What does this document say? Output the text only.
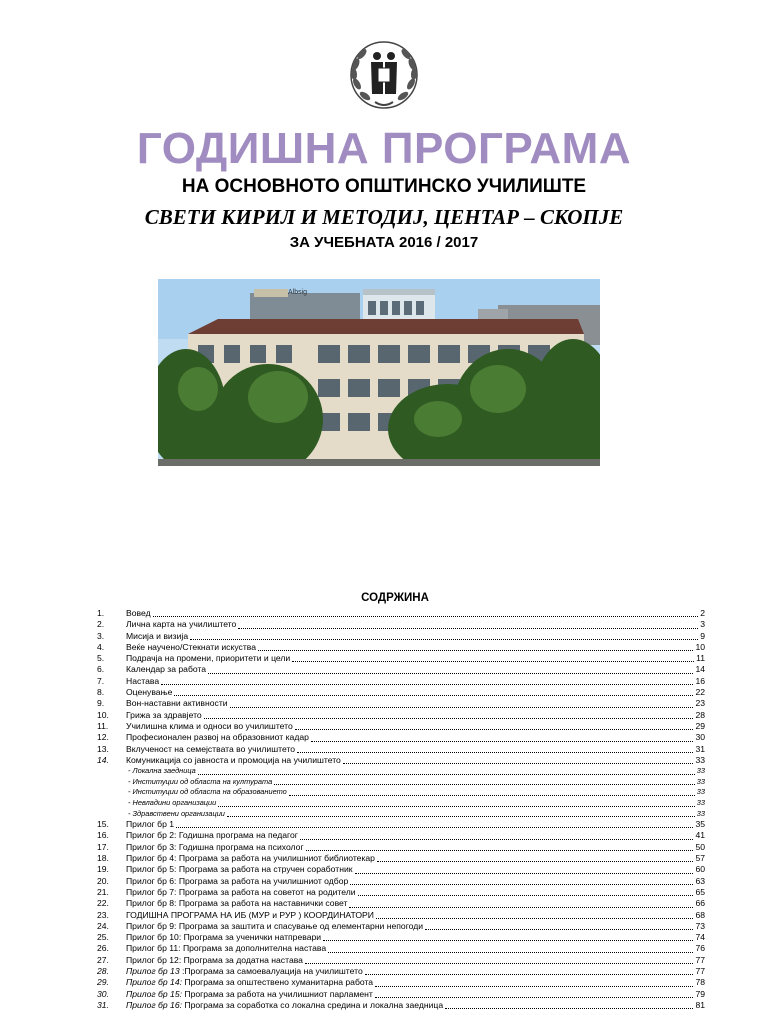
ГОДИШНА ПРОГРАМА
НА ОСНОВНОТО ОПШТИНСКО УЧИЛИШТЕ
СВЕТИ КИРИЛ И МЕТОДИЈ, ЦЕНТАР – СКОПЈЕ
ЗА УЧЕБНАТА 2016 / 2017
Albsig
СОДРЖИНА
1.	Вовед	2
2.	Лична карта на училиштето	3
3.	Мисија и визија	9
4.	Веќе научено/Стекнати искуства	10
5.	Подрачја на промени, приоритети и цели	11
6.	Календар за работа	14
7.	Настава	16
8.	Оценување	22
9.	Вон-наставни активности	23
10.	Грижа за здравјето	28
11.	Училишна клима и односи во училиштето	29
12.	Професионален развој на образовниот кадар	30
13.	Вклученост на семејствата во училиштето	31
14.	Комуникација со јавноста и промоција на училиштето	33
- Локална заедница	33
- Институции од областа на културата	33
- Институции од областа на образованието	33
- Невладини организации	33
- Здравствени организации	33
15.	Прилог бр 1	35
16.	Прилог бр 2: Годишна програма на педагог	41
17.	Прилог бр 3: Годишна програма на психолог	50
18.	Прилог бр 4: Програма за работа на училишниот библиотекар	57
19.	Прилог бр 5: Програма за работа на стручен соработник	60
20.	Прилог бр 6: Програма за работа на училишниот одбор	63
21.	Прилог бр 7: Програма за работа на советот на родители	65
22.	Прилог бр 8: Програма за работа на наставнички совет	66
23.	ГОДИШНА ПРОГРАМА НА ИБ (МУР и РУР ) КООРДИНАТОРИ	68
24.	Прилог бр 9: Програма за заштита и спасување од елементарни непогоди	73
25.	Прилог бр 10: Програма за ученички натпревари	74
26.	Прилог бр 11: Програма за дополнителна настава	76
27.	Прилог бр 12: Програма за додатна настава	77
28.	Прилог бр 13 :Програма за самоевалуација на училиштето	77
29.	Прилог бр 14: Програма за општествено хуманитарна работа	78
30.	Прилог бр 15: Програма за работа на училишниот парламент	79
31.	Прилог бр 16: Програма за соработка со локална средина и локална заедница	81
